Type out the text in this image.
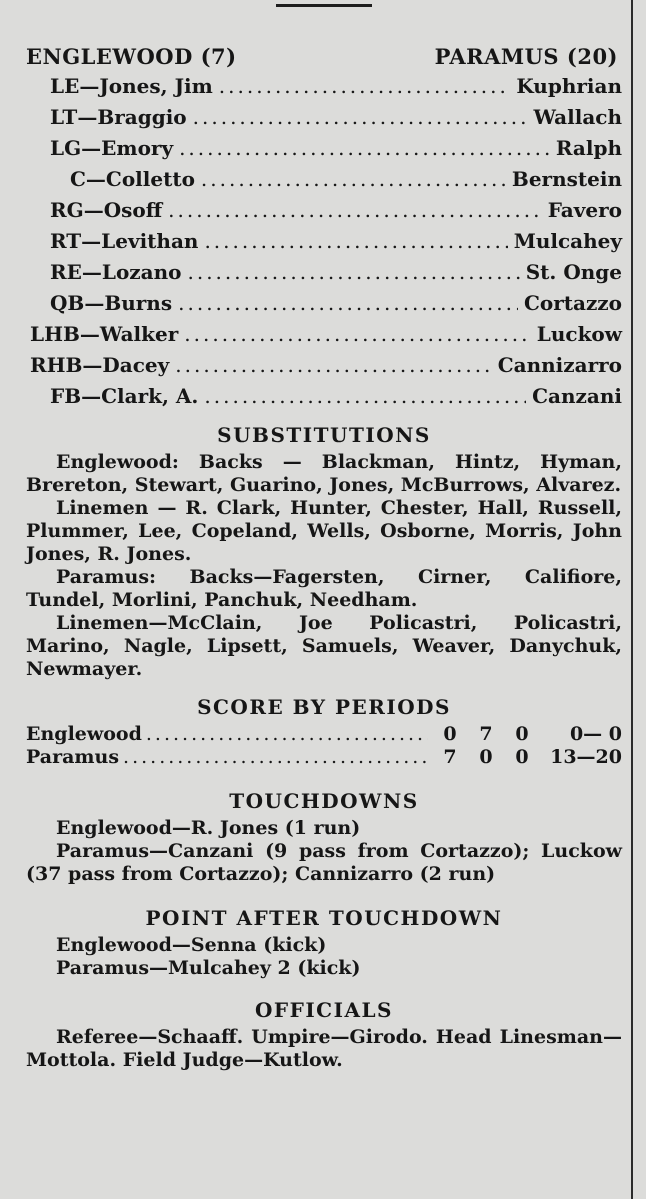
ENGLEWOOD (7)	PARAMUS (20)
LE—Jones, Jim .....	Kuphrian
LT—Braggio .....	Wallach
LG—Emory .....	Ralph
C—Colletto .....	Bernstein
RG—Osoff .....	Favero
RT—Levithan .....	Mulcahey
RE—Lozano .....	St. Onge
QB—Burns .....	Cortazzo
LHB—Walker .....	Luckow
RHB—Dacey .....	Cannizarro
FB—Clark, A. .....	Canzani
SUBSTITUTIONS

Englewood: Backs — Blackman, Hintz, Hyman, Brereton, Stewart, Guarino, Jones, McBurrows, Alvarez.

Linemen — R. Clark, Hunter, Chester, Hall, Russell, Plummer, Lee, Copeland, Wells, Osborne, Morris, John Jones, R. Jones.

Paramus: Backs—Fagersten, Cirner, Califiore, Tundel, Morlini, Panchuk, Needham.

Linemen—McClain, Joe Policastri, Policastri, Marino, Nagle, Lipsett, Samuels, Weaver, Danychuk, Newmayer.

SCORE BY PERIODS
Englewood .....	0	7	0	0— 0
Paramus .....	7	0	0	13—20
TOUCHDOWNS

Englewood—R. Jones (1 run)

Paramus—Canzani (9 pass from Cortazzo); Luckow (37 pass from Cortazzo); Cannizarro (2 run)

POINT AFTER TOUCHDOWN

Englewood—Senna (kick)

Paramus—Mulcahey 2 (kick)

OFFICIALS

Referee—Schaaff. Umpire—Girodo. Head Linesman—Mottola. Field Judge—Kutlow.
